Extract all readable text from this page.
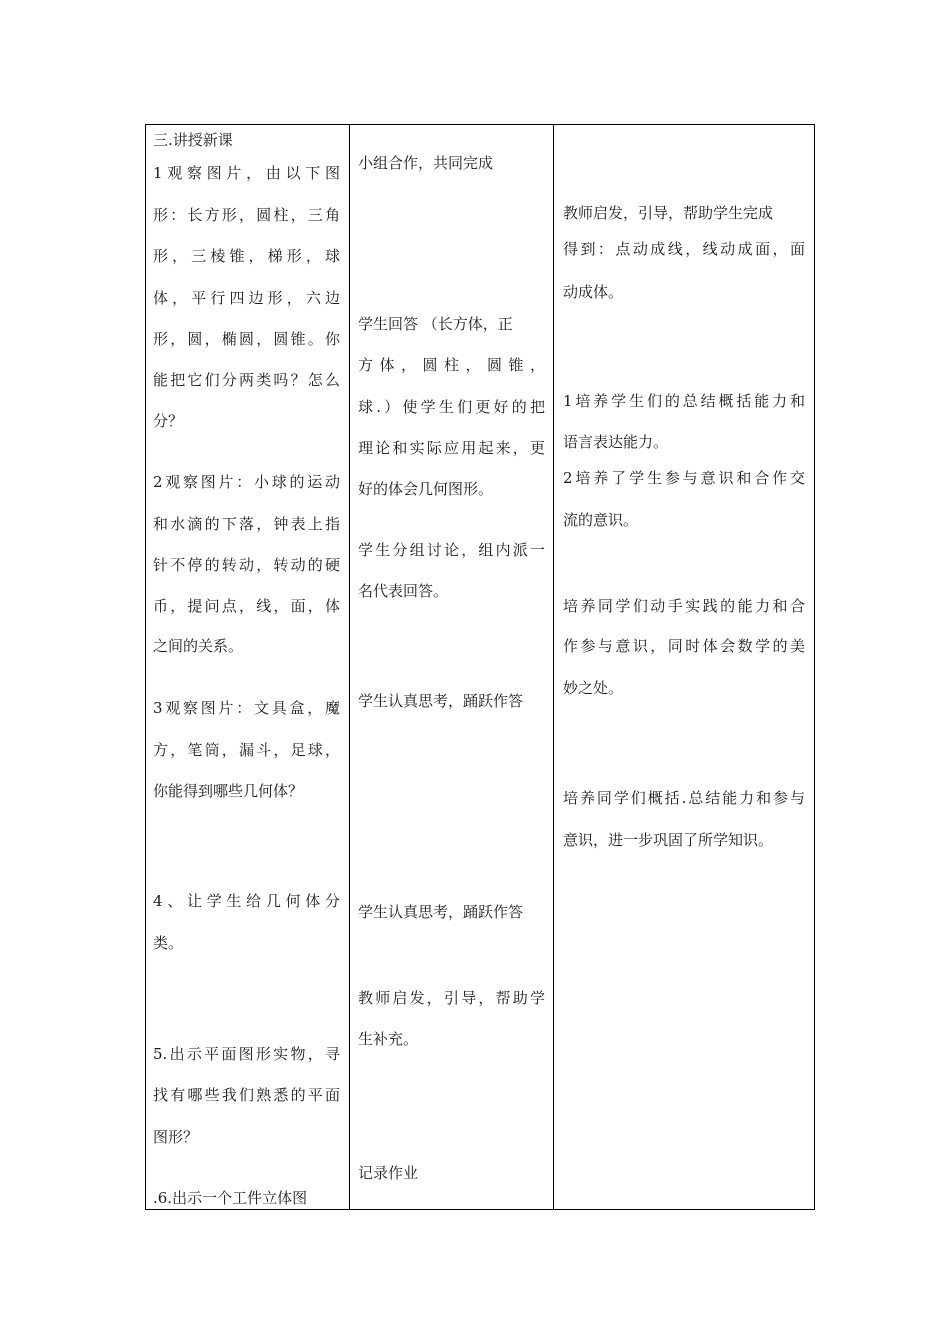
三.讲授新课

1观察图片，由以下图

形：长方形，圆柱，三角

形，三棱锥，梯形，球

体，平行四边形，六边

形，圆，椭圆，圆锥。你

能把它们分两类吗？怎么

分？

2观察图片：小球的运动

和水滴的下落，钟表上指

针不停的转动，转动的硬

币，提问点，线，面，体

之间的关系。

3观察图片：文具盒，魔

方，笔筒，漏斗，足球，

你能得到哪些几何体？

4、让学生给几何体分

类。

5.出示平面图形实物，寻

找有哪些我们熟悉的平面

图形？

.6.出示一个工件立体图

小组合作，共同完成

学生回答 （长方体，正

方体，圆柱，圆锥，

球.）使学生们更好的把

理论和实际应用起来，更

好的体会几何图形。

学生分组讨论，组内派一

名代表回答。

学生认真思考，踊跃作答

学生认真思考，踊跃作答

教师启发，引导，帮助学

生补充。

记录作业

教师启发，引导，帮助学生完成

得到：点动成线，线动成面，面

动成体。

1培养学生们的总结概括能力和

语言表达能力。

2培养了学生参与意识和合作交

流的意识。

培养同学们动手实践的能力和合

作参与意识，同时体会数学的美

妙之处。

培养同学们概括.总结能力和参与

意识，进一步巩固了所学知识。
